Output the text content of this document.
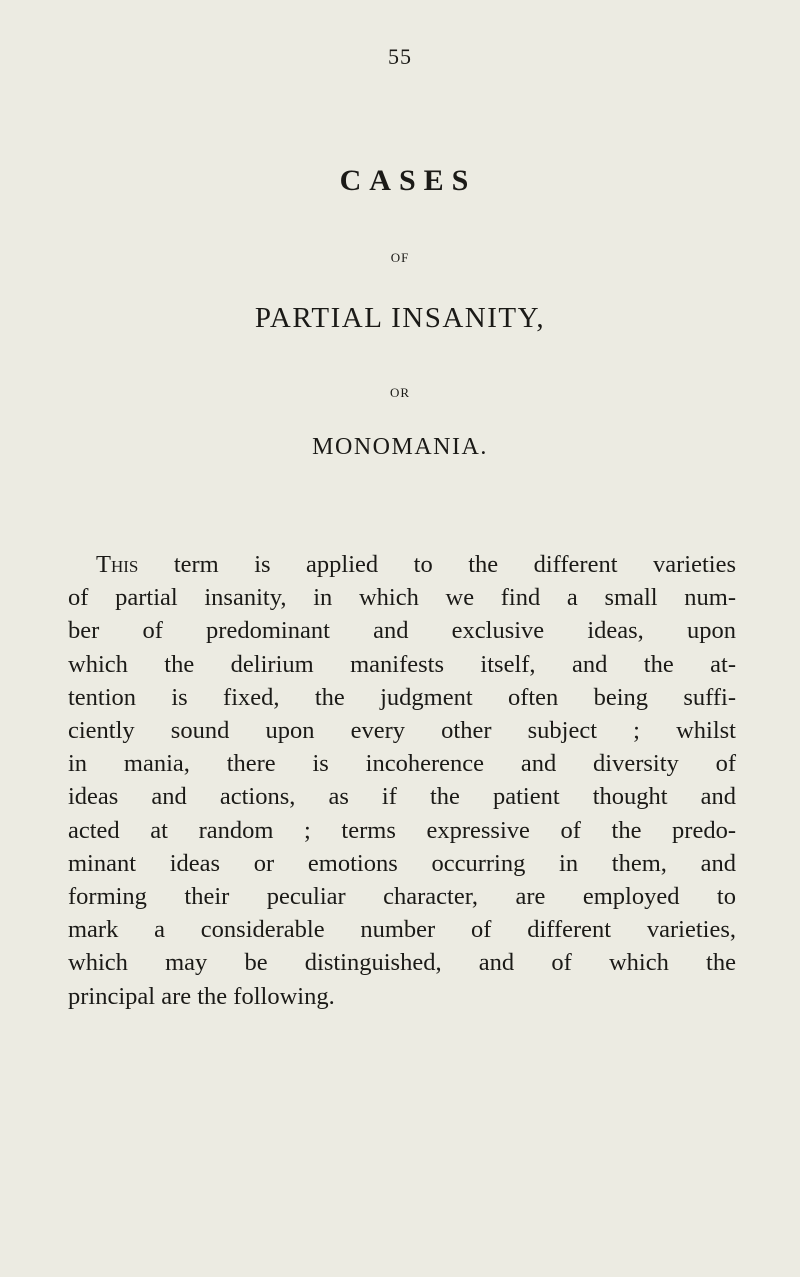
55
CASES
OF
PARTIAL INSANITY,
OR
MONOMANIA.
This term is applied to the different varieties
of partial insanity, in which we find a small num-
ber of predominant and exclusive ideas, upon
which the delirium manifests itself, and the at-
tention is fixed, the judgment often being suffi-
ciently sound upon every other subject ; whilst
in mania, there is incoherence and diversity of
ideas and actions, as if the patient thought and
acted at random ; terms expressive of the predo-
minant ideas or emotions occurring in them, and
forming their peculiar character, are employed to
mark a considerable number of different varieties,
which may be distinguished, and of which the
principal are the following.
